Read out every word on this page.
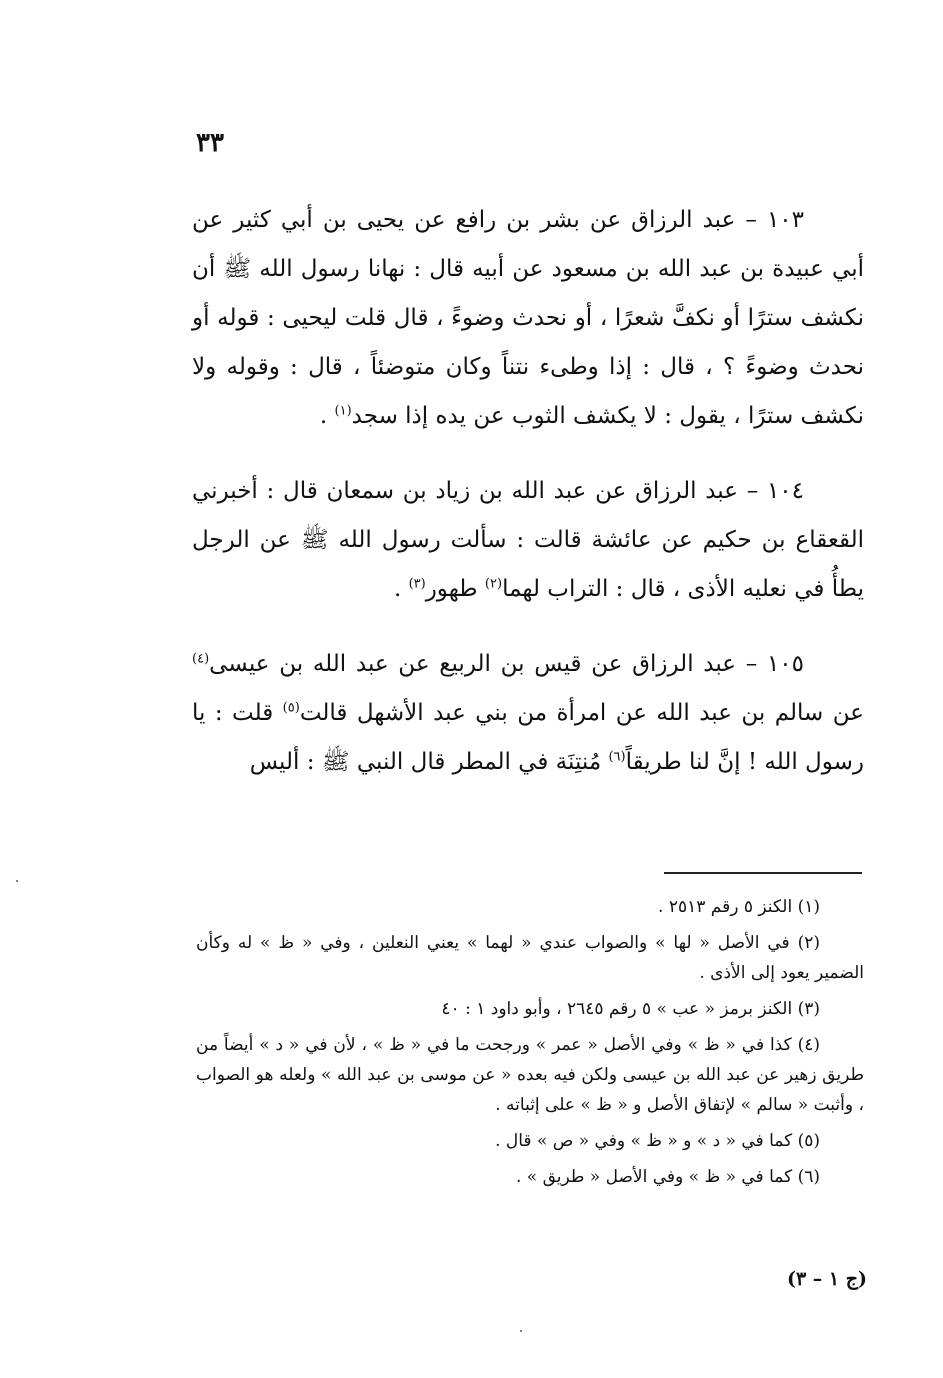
٣٣

١٠٣ – عبد الرزاق عن بشر بن رافع عن يحيى بن أبي كثير عن أبي عبيدة بن عبد الله بن مسعود عن أبيه قال : نهانا رسول الله ﷺ أن نكشف سترًا أو نكفَّ شعرًا ، أو نحدث وضوءً ، قال قلت ليحيى : قوله أو نحدث وضوءً ؟ ، قال : إذا وطىء نتناً وكان متوضئاً ، قال : وقوله ولا نكشف سترًا ، يقول : لا يكشف الثوب عن يده إذا سجد$^{(١)}$ .

١٠٤ – عبد الرزاق عن عبد الله بن زياد بن سمعان قال : أخبرني القعقاع بن حكيم عن عائشة قالت : سألت رسول الله ﷺ عن الرجل يطأُ في نعليه الأذى ، قال : التراب لهما$^{(٢)}$ طهور$^{(٣)}$ .

١٠٥ – عبد الرزاق عن قيس بن الربيع عن عبد الله بن عيسى$^{(٤)}$ عن سالم بن عبد الله عن امرأة من بني عبد الأشهل قالت$^{(٥)}$ قلت : يا رسول الله ! إنَّ لنا طريقاً$^{(٦)}$ مُنتِنَة في المطر قال النبي ﷺ : أليس

(١) الكنز ٥ رقم ٢٥١٣ .

(٢) في الأصل « لها » والصواب عندي « لهما » يعني النعلين ، وفي « ظ » له وكأن الضمير يعود إلى الأذى .

(٣) الكنز برمز « عب » ٥ رقم ٢٦٤٥ ، وأبو داود ١ : ٤٠

(٤) كذا في « ظ » وفي الأصل « عمر » ورجحت ما في « ظ » ، لأن في « د » أيضاً من طريق زهير عن عبد الله بن عيسى ولكن فيه بعده « عن موسى بن عبد الله » ولعله هو الصواب ، وأثبت « سالم » لإتفاق الأصل و « ظ » على إثباته .

(٥) كما في « د » و « ظ » وفي « ص » قال .

(٦) كما في « ظ » وفي الأصل « طريق » .

(ج ١ – ٣)
